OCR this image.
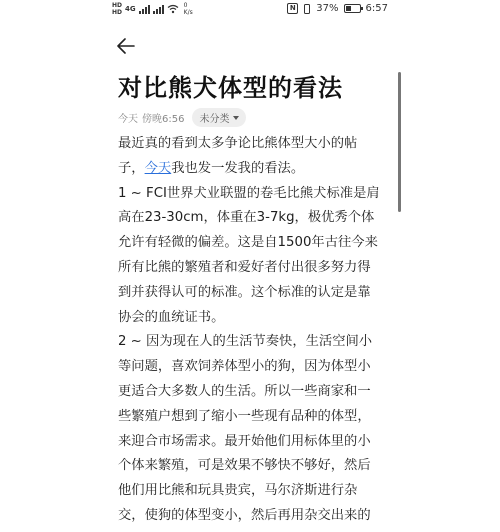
HD
HD 4G	0
K/s
N 37%	6:57
对比熊犬体型的看法
今天 傍晚6:56 未分类

最近真的看到太多争论比熊体型大小的帖

子，今天我也发一发我的看法。

1 ~ FCI世界犬业联盟的卷毛比熊犬标准是肩

高在23-30cm，体重在3-7kg，极优秀个体

允许有轻微的偏差。这是自1500年古往今来

所有比熊的繁殖者和爱好者付出很多努力得

到并获得认可的标准。这个标准的认定是靠

协会的血统证书。

2 ~ 因为现在人的生活节奏快，生活空间小

等问题，喜欢饲养体型小的狗，因为体型小

更适合大多数人的生活。所以一些商家和一

些繁殖户想到了缩小一些现有品种的体型，

来迎合市场需求。最开始他们用标体里的小

个体来繁殖，可是效果不够快不够好，然后

他们用比熊和玩具贵宾，马尔济斯进行杂

交，使狗的体型变小，然后再用杂交出来的
